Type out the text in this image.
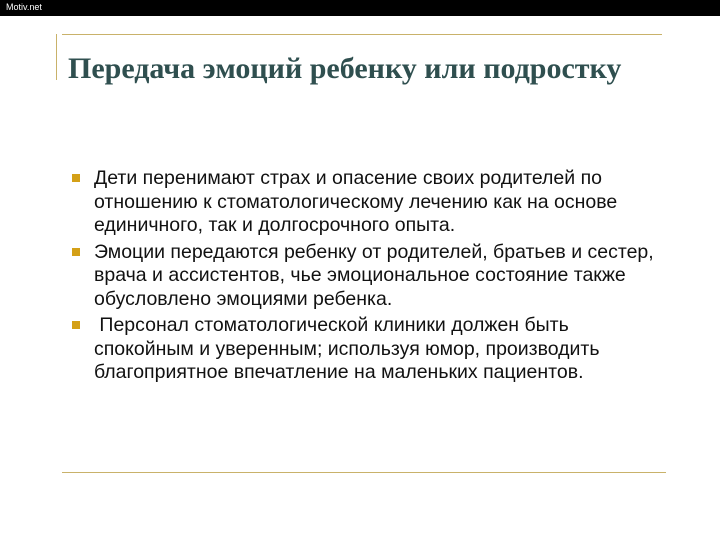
Motiv.net
Передача эмоций ребенку или подростку
Дети перенимают страх и опасение своих родителей по отношению к стоматологическому лечению как на основе единичного, так и долгосрочного опыта.
Эмоции передаются ребенку от родителей, братьев и сестер, врача и ассистентов, чье эмоциональное состояние также обусловлено эмоциями ребенка.
Персонал стоматологической клиники должен быть спокойным и уверенным; используя юмор, производить благоприятное впечатление на маленьких пациентов.
